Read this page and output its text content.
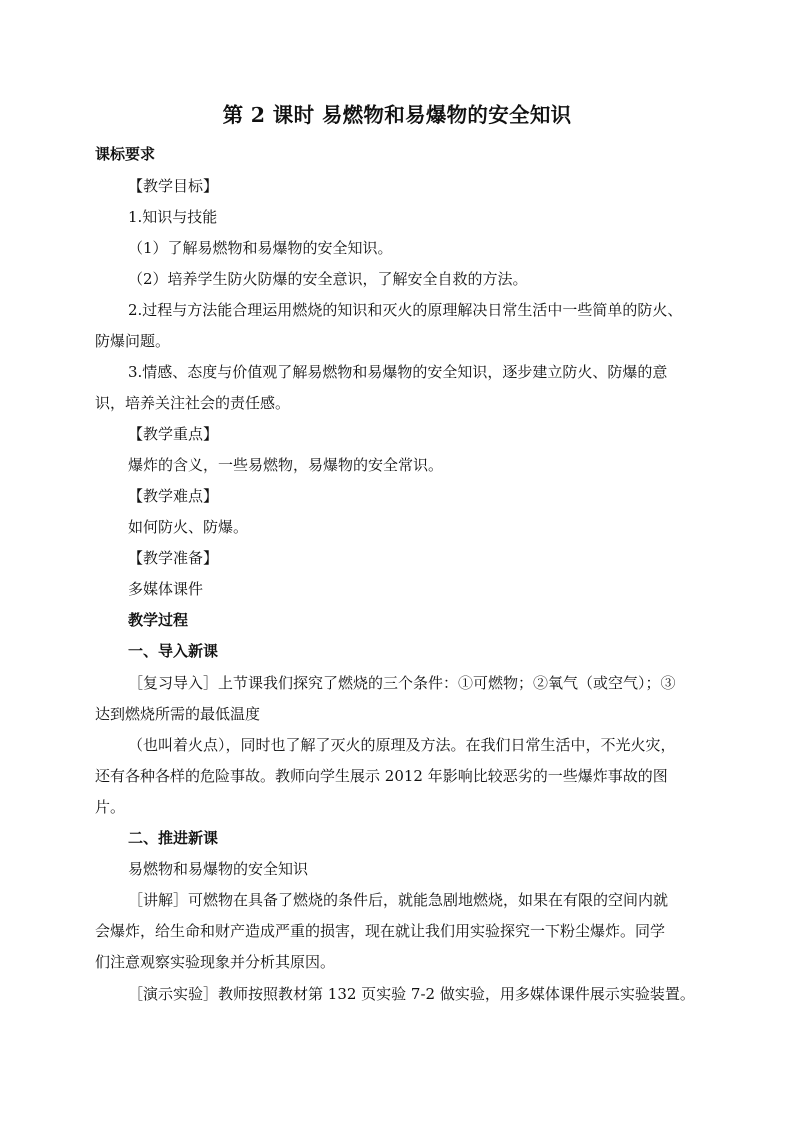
第 2 课时 易燃物和易爆物的安全知识
课标要求
【教学目标】
1.知识与技能
（1）了解易燃物和易爆物的安全知识。
（2）培养学生防火防爆的安全意识，了解安全自救的方法。
2.过程与方法能合理运用燃烧的知识和灭火的原理解决日常生活中一些简单的防火、
防爆问题。
3.情感、态度与价值观了解易燃物和易爆物的安全知识，逐步建立防火、防爆的意
识，培养关注社会的责任感。
【教学重点】
爆炸的含义，一些易燃物，易爆物的安全常识。
【教学难点】
如何防火、防爆。
【教学准备】
多媒体课件
教学过程
一、导入新课
［复习导入］上节课我们探究了燃烧的三个条件：①可燃物；②氧气（或空气）；③
达到燃烧所需的最低温度
（也叫着火点），同时也了解了灭火的原理及方法。在我们日常生活中，不光火灾，
还有各种各样的危险事故。教师向学生展示 2012 年影响比较恶劣的一些爆炸事故的图
片。
二、推进新课
易燃物和易爆物的安全知识
［讲解］可燃物在具备了燃烧的条件后，就能急剧地燃烧，如果在有限的空间内就
会爆炸，给生命和财产造成严重的损害，现在就让我们用实验探究一下粉尘爆炸。同学
们注意观察实验现象并分析其原因。
［演示实验］教师按照教材第 132 页实验 7-2 做实验，用多媒体课件展示实验装置。
